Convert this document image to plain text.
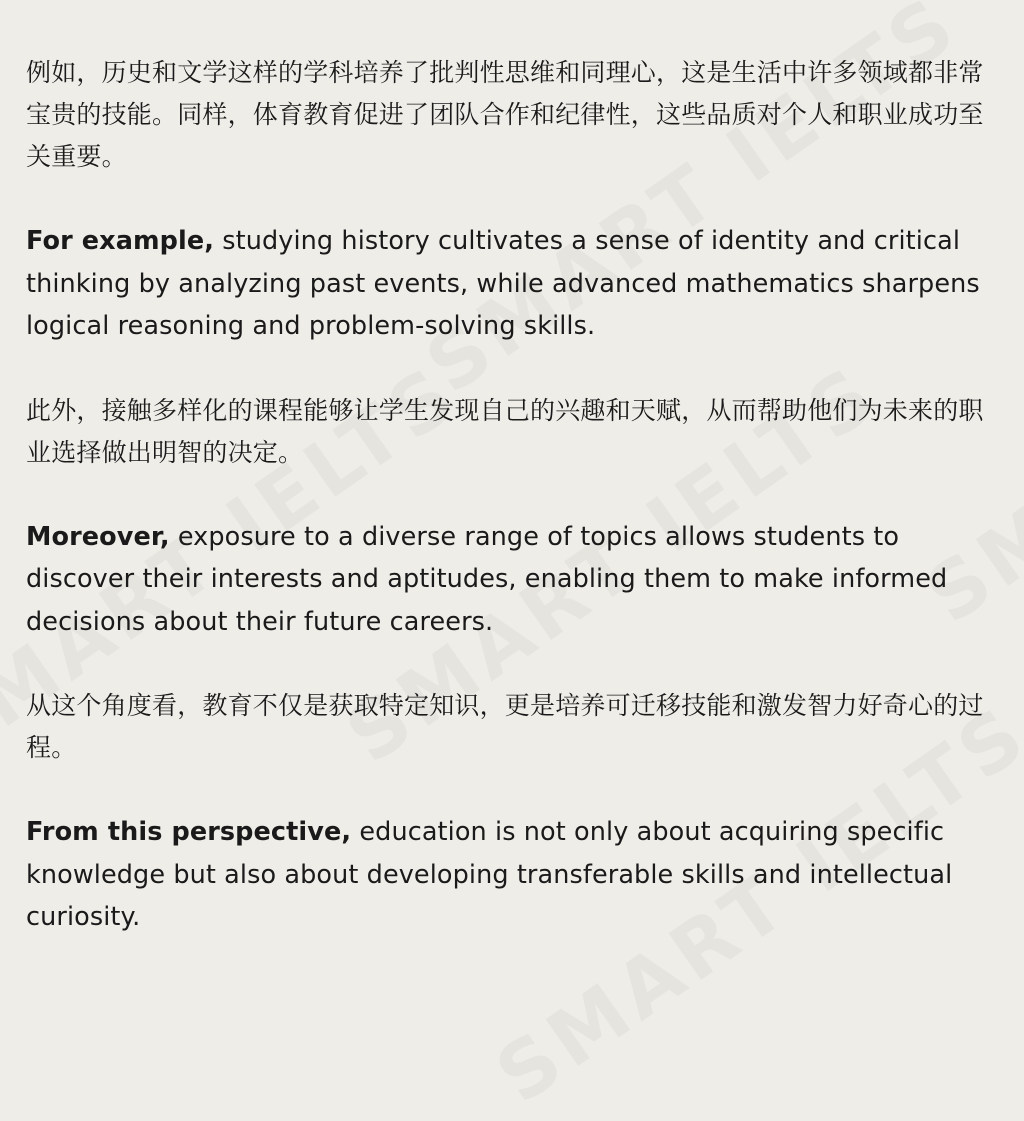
例如，历史和文学这样的学科培养了批判性思维和同理心，这是生活中许多领域都非常宝贵的技能。同样，体育教育促进了团队合作和纪律性，这些品质对个人和职业成功至关重要。

For example, studying history cultivates a sense of identity and critical thinking by analyzing past events, while advanced mathematics sharpens logical reasoning and problem-solving skills.

此外，接触多样化的课程能够让学生发现自己的兴趣和天赋，从而帮助他们为未来的职业选择做出明智的决定。

Moreover, exposure to a diverse range of topics allows students to discover their interests and aptitudes, enabling them to make informed decisions about their future careers.

从这个角度看，教育不仅是获取特定知识，更是培养可迁移技能和激发智力好奇心的过程。

From this perspective, education is not only about acquiring specific knowledge but also about developing transferable skills and intellectual curiosity.
